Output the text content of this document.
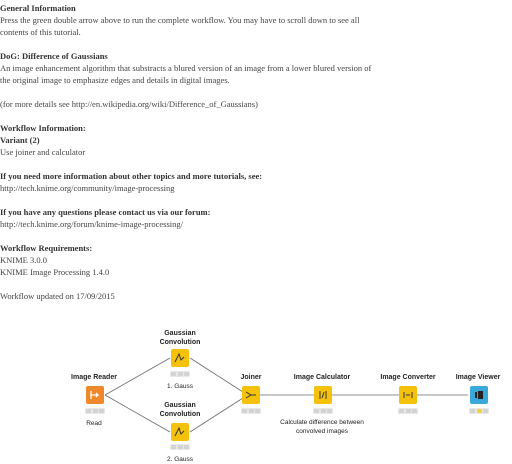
General Information
Press the green double arrow above to run the complete workflow. You may have to scroll down to see all
contents of this tutorial.
DoG: Difference of Gaussians
An image enhancement algorithm that substracts a blured version of an image from a lower blured version of
the original image to emphasize edges and details in digital images.
(for more details see http://en.wikipedia.org/wiki/Difference_of_Gaussians)
Workflow Information:
Variant (2)
Use joiner and calculator
If you need more information about other topics and more tutorials, see:
http://tech.knime.org/community/image-processing
If you have any questions please contact us via our forum:
http://tech.knime.org/forum/knime-image-processing/
Workflow Requirements:
KNIME 3.0.0
KNIME Image Processing 1.4.0
Workflow updated on 17/09/2015
Image Reader
Read
Gaussian
Convolution
1. Gauss
Gaussian
Convolution
2. Gauss
Joiner	Image Calculator
Calculate difference between
convolved images
Image Converter	Image Viewer
